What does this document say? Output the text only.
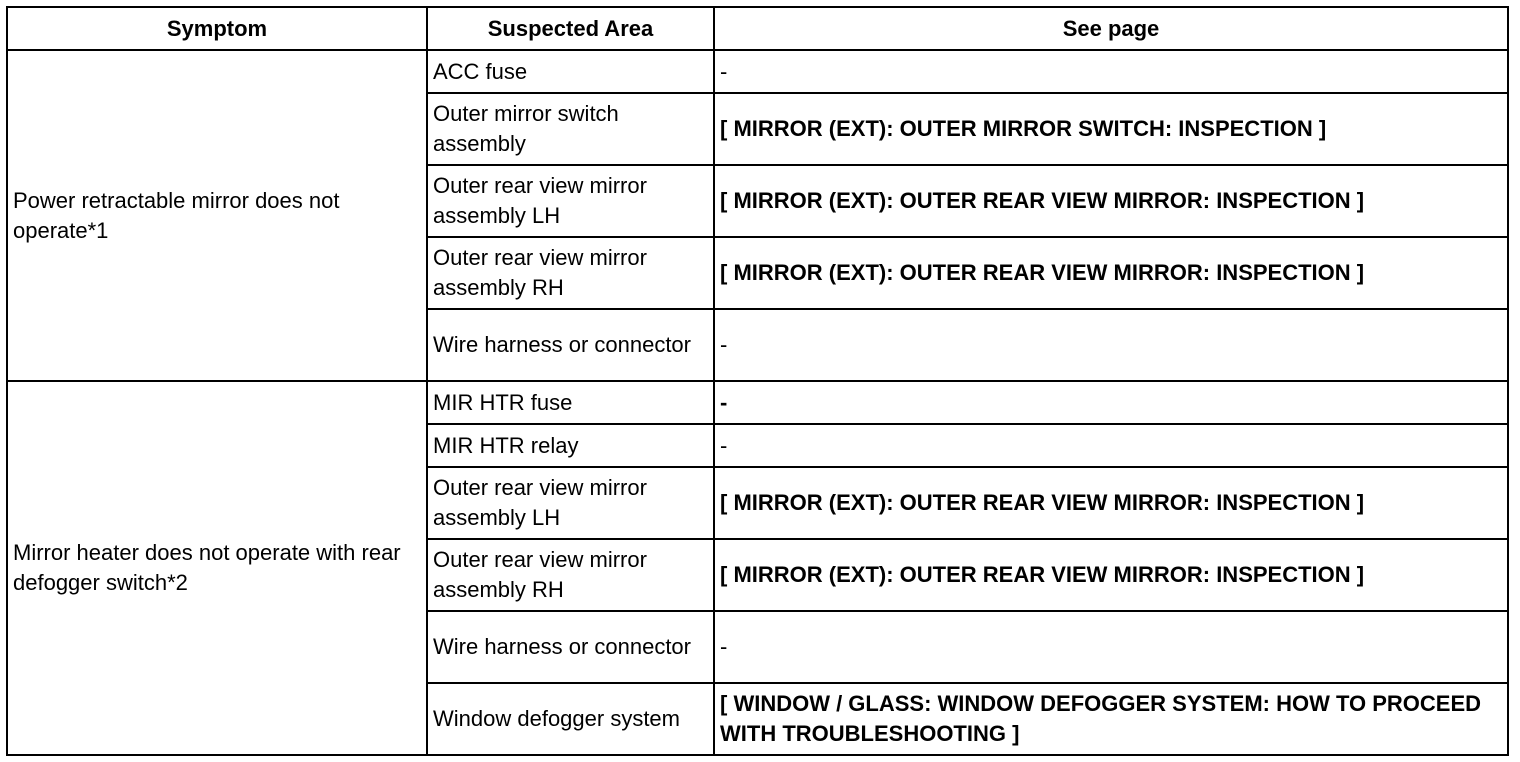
Symptom	Suspected Area	See page
Power retractable mirror does not operate*1	ACC fuse	-
	Outer mirror switch assembly	[ MIRROR (EXT): OUTER MIRROR SWITCH: INSPECTION ]
	Outer rear view mirror assembly LH	[ MIRROR (EXT): OUTER REAR VIEW MIRROR: INSPECTION ]
	Outer rear view mirror assembly RH	[ MIRROR (EXT): OUTER REAR VIEW MIRROR: INSPECTION ]
	Wire harness or connector	-
Mirror heater does not operate with rear defogger switch*2	MIR HTR fuse	-
	MIR HTR relay	-
	Outer rear view mirror assembly LH	[ MIRROR (EXT): OUTER REAR VIEW MIRROR: INSPECTION ]
	Outer rear view mirror assembly RH	[ MIRROR (EXT): OUTER REAR VIEW MIRROR: INSPECTION ]
	Wire harness or connector	-
	Window defogger system	[ WINDOW / GLASS: WINDOW DEFOGGER SYSTEM: HOW TO PROCEED WITH TROUBLESHOOTING ]
